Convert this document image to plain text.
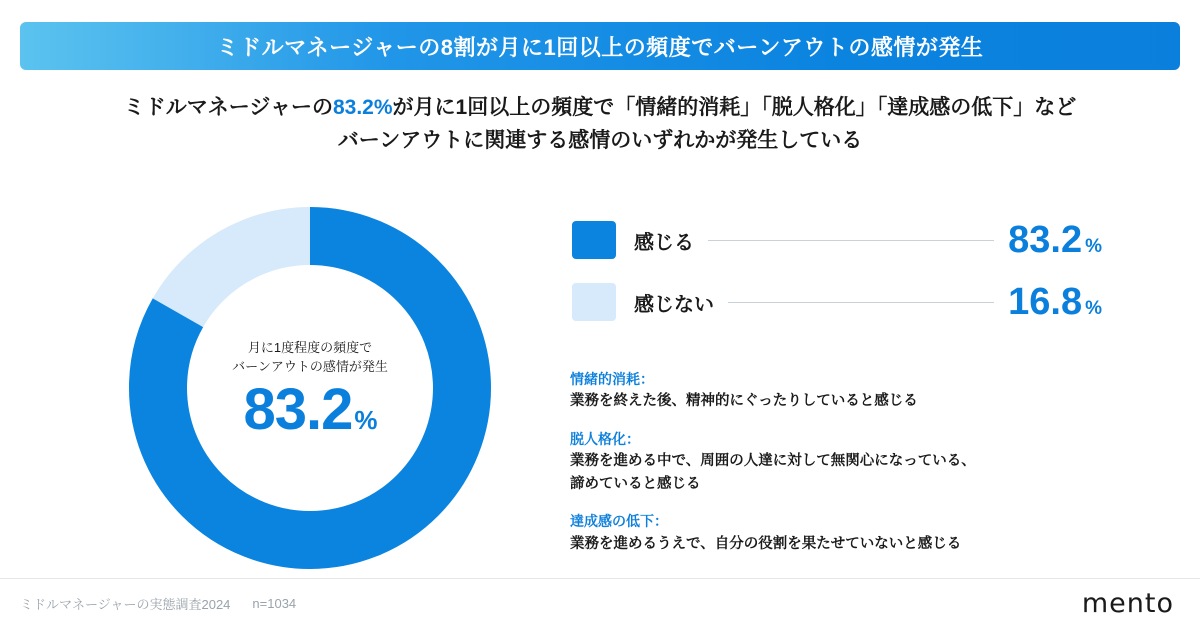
ミドルマネージャーの8割が月に1回以上の頻度でバーンアウトの感情が発生
ミドルマネージャーの83.2%が月に1回以上の頻度で「情緒的消耗」「脱人格化」「達成感の低下」など
バーンアウトに関連する感情のいずれかが発生している
月に1度程度の頻度で
バーンアウトの感情が発生
83.2 %
感じる	83.2 %
感じない	16.8 %
情緒的消耗：
業務を終えた後、精神的にぐったりしていると感じる
脱人格化：
業務を進める中で、周囲の人達に対して無関心になっている、
諦めていると感じる
達成感の低下：
業務を進めるうえで、自分の役割を果たせていないと感じる
ミドルマネージャーの実態調査2024 n=1034	mento
